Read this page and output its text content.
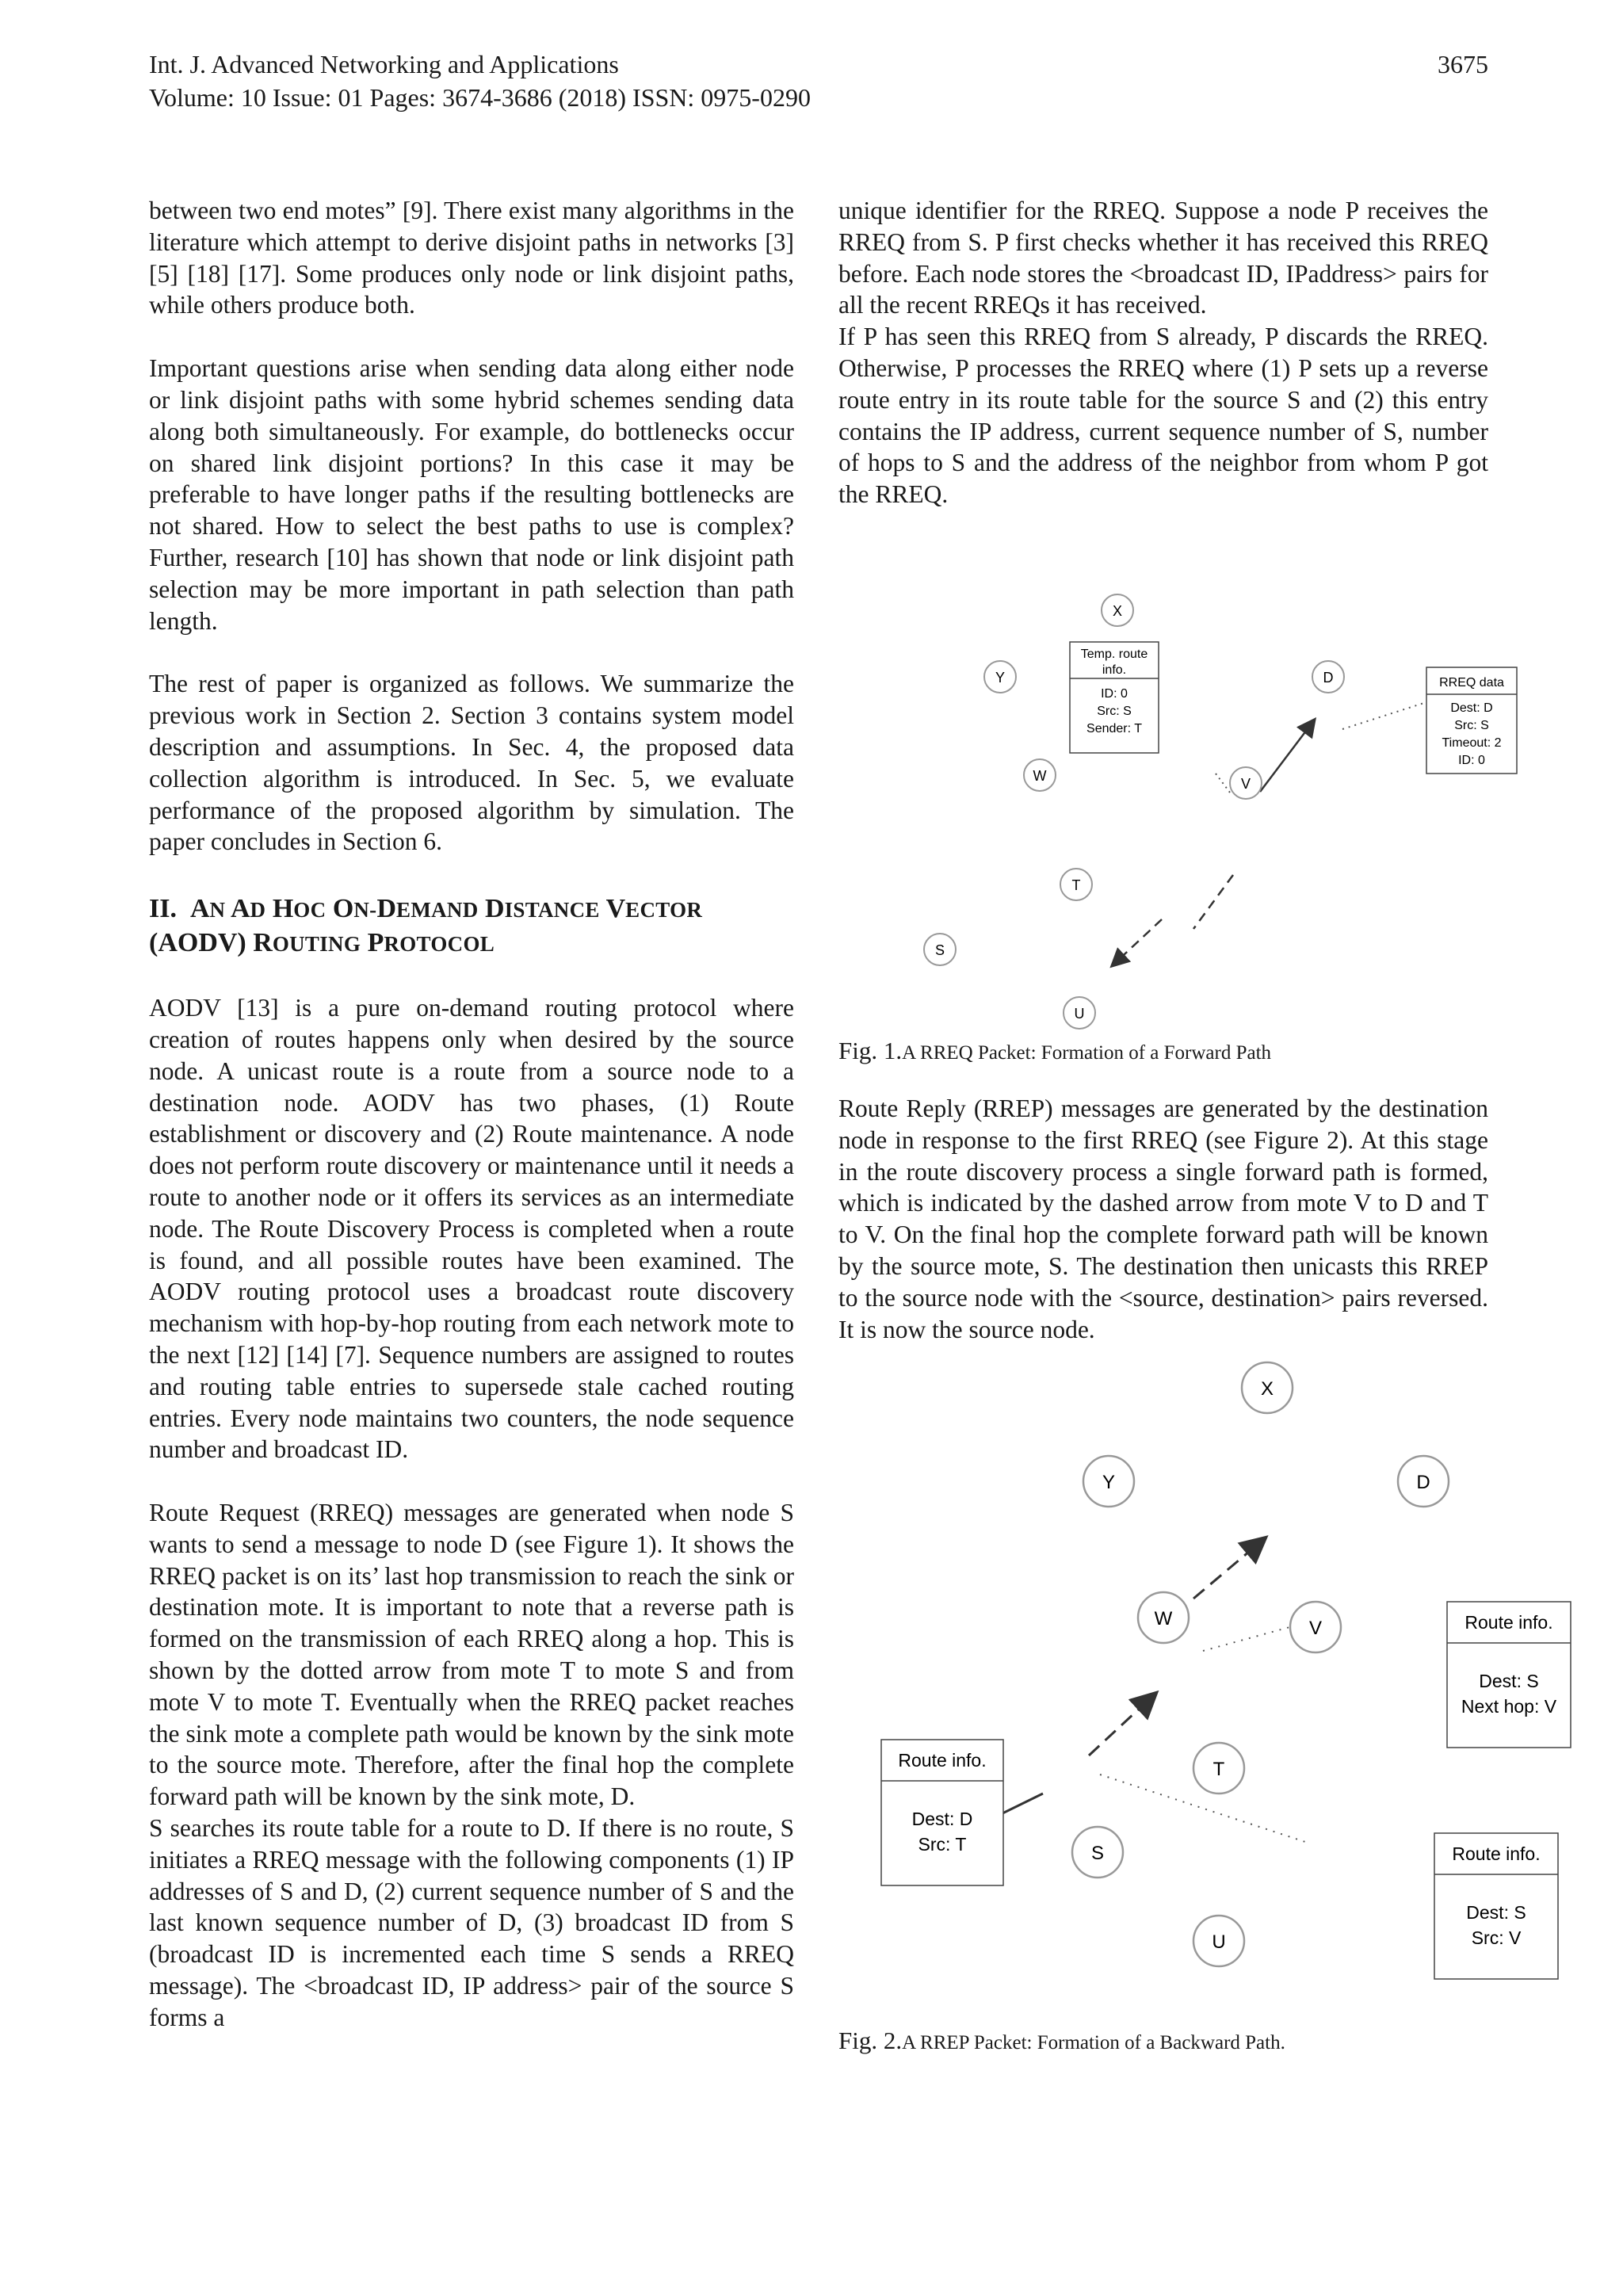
Int. J. Advanced Networking and Applications
Volume: 10 Issue: 01 Pages: 3674-3686 (2018) ISSN: 0975-0290
3675

between two end motes” [9]. There exist many algorithms in the literature which attempt to derive disjoint paths in networks [3] [5] [18] [17]. Some produces only node or link disjoint paths, while others produce both.

Important questions arise when sending data along either node or link disjoint paths with some hybrid schemes sending data along both simultaneously. For example, do bottlenecks occur on shared link disjoint portions? In this case it may be preferable to have longer paths if the resulting bottlenecks are not shared. How to select the best paths to use is complex? Further, research [10] has shown that node or link disjoint path selection may be more important in path selection than path length.

The rest of paper is organized as follows. We summarize the previous work in Section 2. Section 3 contains system model description and assumptions. In Sec. 4, the proposed data collection algorithm is introduced. In Sec. 5, we evaluate performance of the proposed algorithm by simulation. The paper concludes in Section 6.

II. AN AD HOC ON-DEMAND DISTANCE VECTOR
(AODV) ROUTING PROTOCOL

AODV [13] is a pure on-demand routing protocol where creation of routes happens only when desired by the source node. A unicast route is a route from a source node to a destination node. AODV has two phases, (1) Route establishment or discovery and (2) Route maintenance. A node does not perform route discovery or maintenance until it needs a route to another node or it offers its services as an intermediate node. The Route Discovery Process is completed when a route is found, and all possible routes have been examined. The AODV routing protocol uses a broadcast route discovery mechanism with hop-by-hop routing from each network mote to the next [12] [14] [7]. Sequence numbers are assigned to routes and routing table entries to supersede stale cached routing entries. Every node maintains two counters, the node sequence number and broadcast ID.

Route Request (RREQ) messages are generated when node S wants to send a message to node D (see Figure 1). It shows the RREQ packet is on its’ last hop transmission to reach the sink or destination mote. It is important to note that a reverse path is formed on the transmission of each RREQ along a hop. This is shown by the dotted arrow from mote T to mote S and from mote V to mote T. Eventually when the RREQ packet reaches the sink mote a complete path would be known by the sink mote to the source mote. Therefore, after the final hop the complete forward path will be known by the sink mote, D.

S searches its route table for a route to D. If there is no route, S initiates a RREQ message with the following components (1) IP addresses of S and D, (2) current sequence number of S and the last known sequence number of D, (3) broadcast ID from S (broadcast ID is incremented each time S sends a RREQ message). The <broadcast ID, IP address> pair of the source S forms a

unique identifier for the RREQ. Suppose a node P receives the RREQ from S. P first checks whether it has received this RREQ before. Each node stores the <broadcast ID, IPaddress> pairs for all the recent RREQs it has received.

If P has seen this RREQ from S already, P discards the RREQ. Otherwise, P processes the RREQ where (1) P sets up a reverse route entry in its route table for the source S and (2) this entry contains the IP address, current sequence number of S, number of hops to S and the address of the neighbor from whom P got the RREQ.

X
Y	D
W	V
T
S
U
Temp. route
info.
ID: 0
Src: S
Sender: T
RREQ data
Dest: D
Src: S
Timeout: 2
ID: 0
Fig. 1.A RREQ Packet: Formation of a Forward Path

Route Reply (RREP) messages are generated by the destination node in response to the first RREQ (see Figure 2). At this stage in the route discovery process a single forward path is formed, which is indicated by the dashed arrow from mote V to D and T to V. On the final hop the complete forward path will be known by the source mote, S. The destination then unicasts this RREP to the source node with the <source, destination> pairs reversed. It is now the source node.

X
Y	D
W	V
T
S
U
Route info.
Dest: S
Next hop: V
Route info.
Dest: D
Src: T	Route info.
Dest: S
Src: V
Fig. 2.A RREP Packet: Formation of a Backward Path.
